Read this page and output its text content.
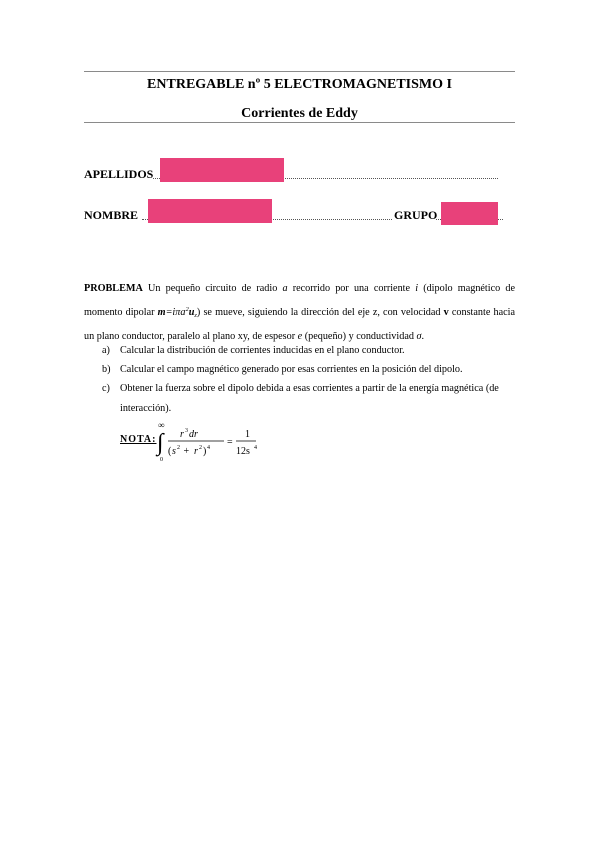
ENTREGABLE nº 5 ELECTROMAGNETISMO I
Corrientes de Eddy
APELLIDOS
NOMBRE	GRUPO
PROBLEMA Un pequeño circuito de radio a recorrido por una corriente i (dipolo magnético de momento dipolar $m=i\pi a^2u_z$) se mueve, siguiendo la dirección del eje z, con velocidad v constante hacia un plano conductor, paralelo al plano xy, de espesor e (pequeño) y conductividad σ.
a) Calcular la distribución de corrientes inducidas en el plano conductor.
b) Calcular el campo magnético generado por esas corrientes en la posición del dipolo.
c) Obtener la fuerza sobre el dipolo debida a esas corrientes a partir de la energía magnética (de interacción).
NOTA:
∞
∫
0
r 3 dr
( s 2 + r 2 ) 4 =
1
12s 4
